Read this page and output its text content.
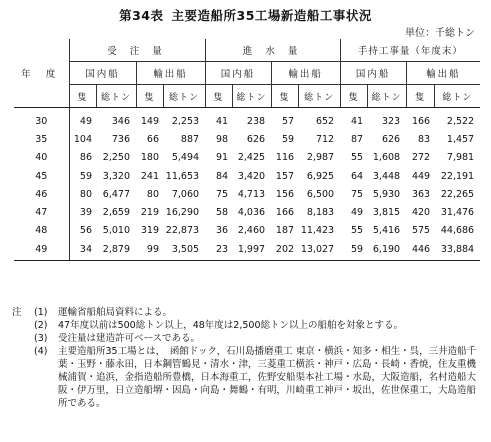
第34表 主要造船所35工場新造船工事状況
単位：千総トン
年 度	受 注 量				進 水 量				手持工事量（年度末）			
	国内船		輸出船		国内船		輸出船		国内船		輸出船	
	隻	総トン	隻	総トン	隻	総トン	隻	総トン	隻	総トン	隻	総トン
30	49	346	149	2,253	41	238	57	652	41	323	166	2,522
35	104	736	66	887	98	626	59	712	87	626	83	1,457
40	86	2,250	180	5,494	91	2,425	116	2,987	55	1,608	272	7,981
45	59	3,320	241	11,653	84	3,420	157	6,925	64	3,448	449	22,191
46	80	6,477	80	7,060	75	4,713	156	6,500	75	5,930	363	22,265
47	39	2,659	219	16,290	58	4,036	166	8,183	49	3,815	420	31,476
48	56	5,010	319	22,873	36	2,460	187	11,423	55	5,416	575	44,686
49	34	2,879	99	3,505	23	1,997	202	13,027	59	6,190	446	33,884
注	(1)	運輸省船舶局資料による。
(2)	47年度以前は500総トン以上，48年度は2,500総トン以上の船舶を対象とする。
(3)	受注量は建造許可ベースである。
(4)	主要造船所35工場とは，　函館ドック，石川島播磨重工 東京・横浜・知多・相生・呉，三井造船千葉・玉野・藤永田，日本鋼管鶴見・清水・津，三菱重工横浜・神戸・広島・長崎・香焼，住友重機械浦賀・追浜，金指造船所豊橋，日本海重工，佐野安船渠本社工場・水島，大阪造船，名村造船大阪・伊万里，日立造船堺・因島・向島・舞鶴・有明，川崎重工神戸・坂出，佐世保重工，大島造船所である。
